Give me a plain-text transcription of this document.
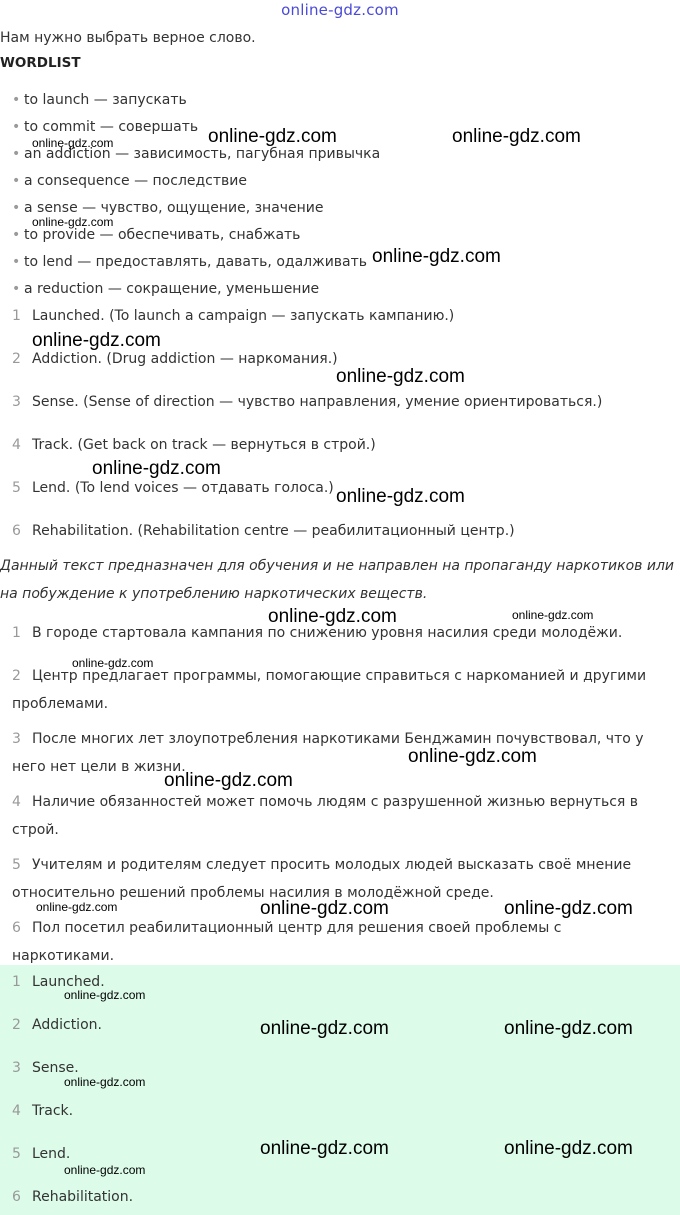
online-gdz.com
Нам нужно выбрать верное слово.
WORDLIST
• to launch — запускать
• to commit — совершать
• an addiction — зависимость, пагубная привычка
• a consequence — последствие
• a sense — чувство, ощущение, значение
• to provide — обеспечивать, снабжать
• to lend — предоставлять, давать, одалживать
• a reduction — сокращение, уменьшение
1 Launched. (To launch a campaign — запускать кампанию.)
2 Addiction. (Drug addiction — наркомания.)
3 Sense. (Sense of direction — чувство направления, умение ориентироваться.)
4 Track. (Get back on track — вернуться в строй.)
5 Lend. (To lend voices — отдавать голоса.)
6 Rehabilitation. (Rehabilitation centre — реабилитационный центр.)
Данный текст предназначен для обучения и не направлен на пропаганду наркотиков или на побуждение к употреблению наркотических веществ.
1 В городе стартовала кампания по снижению уровня насилия среди молодёжи.
2 Центр предлагает программы, помогающие справиться с наркоманией и другими проблемами.
3 После многих лет злоупотребления наркотиками Бенджамин почувствовал, что у него нет цели в жизни.
4 Наличие обязанностей может помочь людям с разрушенной жизнью вернуться в строй.
5 Учителям и родителям следует просить молодых людей высказать своё мнение относительно решений проблемы насилия в молодёжной среде.
6 Пол посетил реабилитационный центр для решения своей проблемы с наркотиками.
1 Launched.
2 Addiction.
3 Sense.
4 Track.
5 Lend.
6 Rehabilitation.
online-gdz.com	online-gdz.com
online-gdz.com
online-gdz.com
online-gdz.com
online-gdz.com
online-gdz.com
online-gdz.com
online-gdz.com
online-gdz.com	online-gdz.com
online-gdz.com
online-gdz.com
online-gdz.com
online-gdz.com	online-gdz.com	online-gdz.com
online-gdz.com
online-gdz.com	online-gdz.com
online-gdz.com
online-gdz.com	online-gdz.com
online-gdz.com
